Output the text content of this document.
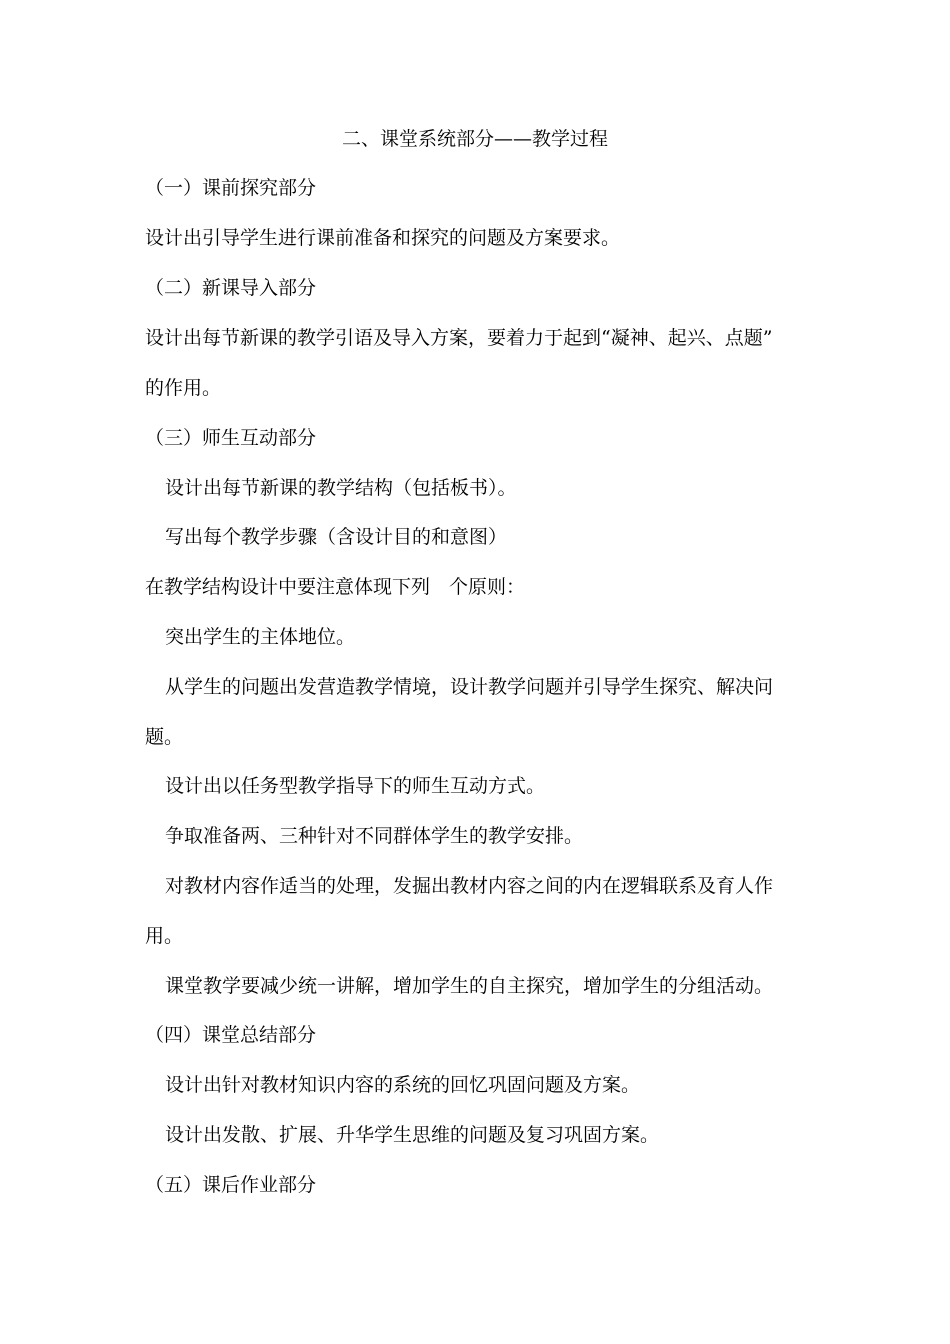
二、课堂系统部分——教学过程
（一）课前探究部分
设计出引导学生进行课前准备和探究的问题及方案要求。
（二）新课导入部分
设计出每节新课的教学引语及导入方案，要着力于起到“凝神、起兴、点题”
的作用。
（三）师生互动部分
设计出每节新课的教学结构（包括板书）。
写出每个教学步骤（含设计目的和意图）
在教学结构设计中要注意体现下列　个原则：
突出学生的主体地位。
从学生的问题出发营造教学情境，设计教学问题并引导学生探究、解决问
题。
设计出以任务型教学指导下的师生互动方式。
争取准备两、三种针对不同群体学生的教学安排。
对教材内容作适当的处理，发掘出教材内容之间的内在逻辑联系及育人作
用。
课堂教学要减少统一讲解，增加学生的自主探究，增加学生的分组活动。
（四）课堂总结部分
设计出针对教材知识内容的系统的回忆巩固问题及方案。
设计出发散、扩展、升华学生思维的问题及复习巩固方案。
（五）课后作业部分
